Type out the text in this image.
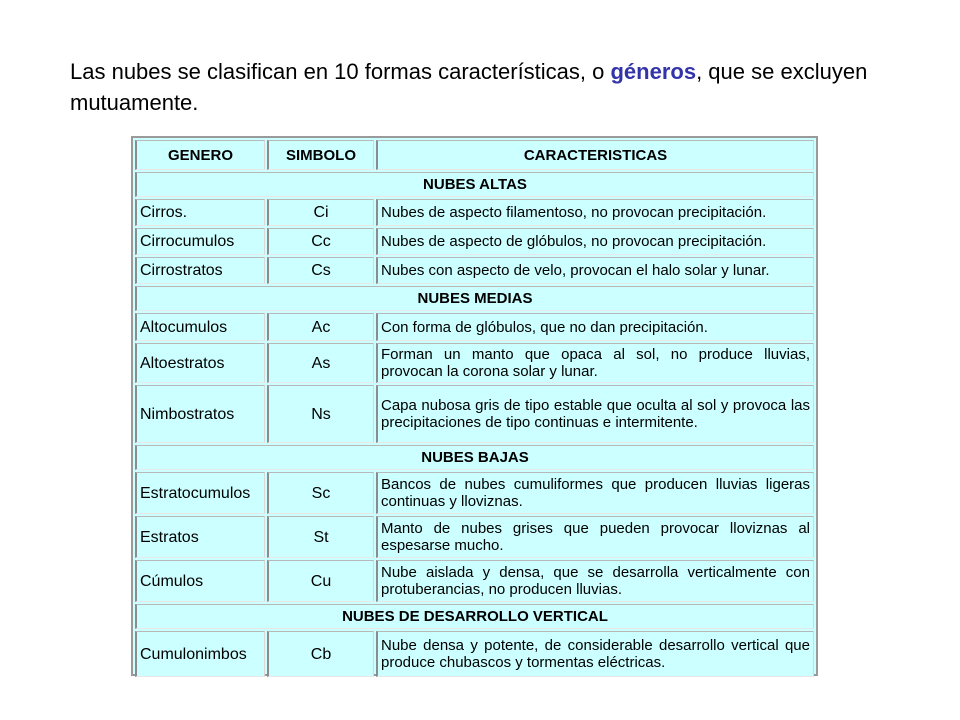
Las nubes se clasifican en 10 formas características, o géneros, que se excluyen mutuamente.
GENERO	SIMBOLO	CARACTERISTICAS
NUBES ALTAS		
Cirros.	Ci	Nubes de aspecto filamentoso, no provocan precipitación.
Cirrocumulos	Cc	Nubes de aspecto de glóbulos, no provocan precipitación.
Cirrostratos	Cs	Nubes con aspecto de velo, provocan el halo solar y lunar.
NUBES MEDIAS		
Altocumulos	Ac	Con forma de glóbulos, que no dan precipitación.
Altoestratos	As	Forman un manto que opaca al sol, no produce lluvias, provocan la corona solar y lunar.
Nimbostratos	Ns	Capa nubosa gris de tipo estable que oculta al sol y provoca las precipitaciones de tipo continuas e intermitente.
NUBES BAJAS		
Estratocumulos	Sc	Bancos de nubes cumuliformes que producen lluvias ligeras continuas y lloviznas.
Estratos	St	Manto de nubes grises que pueden provocar lloviznas al espesarse mucho.
Cúmulos	Cu	Nube aislada y densa, que se desarrolla verticalmente con protuberancias, no producen lluvias.
NUBES DE DESARROLLO VERTICAL		
Cumulonimbos	Cb	Nube densa y potente, de considerable desarrollo vertical que produce chubascos y tormentas eléctricas.
